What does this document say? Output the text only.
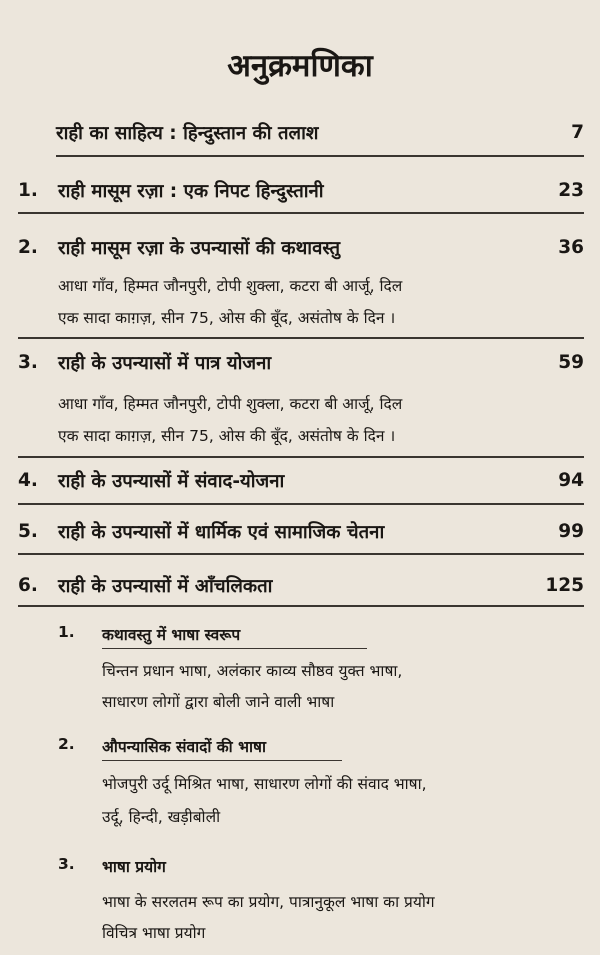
अनुक्रमणिका
राही का साहित्य : हिन्दुस्तान की तलाश	7
1.	राही मासूम रज़ा : एक निपट हिन्दुस्तानी	23
2.	राही मासूम रज़ा के उपन्यासों की कथावस्तु	36
आधा गाँव, हिम्मत जौनपुरी, टोपी शुक्ला, कटरा बी आर्जू, दिल
एक सादा काग़ज़, सीन 75, ओस की बूँद, असंतोष के दिन ।
3.	राही के उपन्यासों में पात्र योजना	59
आधा गाँव, हिम्मत जौनपुरी, टोपी शुक्ला, कटरा बी आर्जू, दिल
एक सादा काग़ज़, सीन 75, ओस की बूँद, असंतोष के दिन ।
4.	राही के उपन्यासों में संवाद-योजना	94
5.	राही के उपन्यासों में धार्मिक एवं सामाजिक चेतना	99
6.	राही के उपन्यासों में आँचलिकता	125
1.	कथावस्तु में भाषा स्वरूप
चिन्तन प्रधान भाषा, अलंकार काव्य सौष्ठव युक्त भाषा,
साधारण लोगों द्वारा बोली जाने वाली भाषा
2.	औपन्यासिक संवादों की भाषा
भोजपुरी उर्दू मिश्रित भाषा, साधारण लोगों की संवाद भाषा,
उर्दू, हिन्दी, खड़ीबोली
3.	भाषा प्रयोग
भाषा के सरलतम रूप का प्रयोग, पात्रानुकूल भाषा का प्रयोग
विचित्र भाषा प्रयोग
